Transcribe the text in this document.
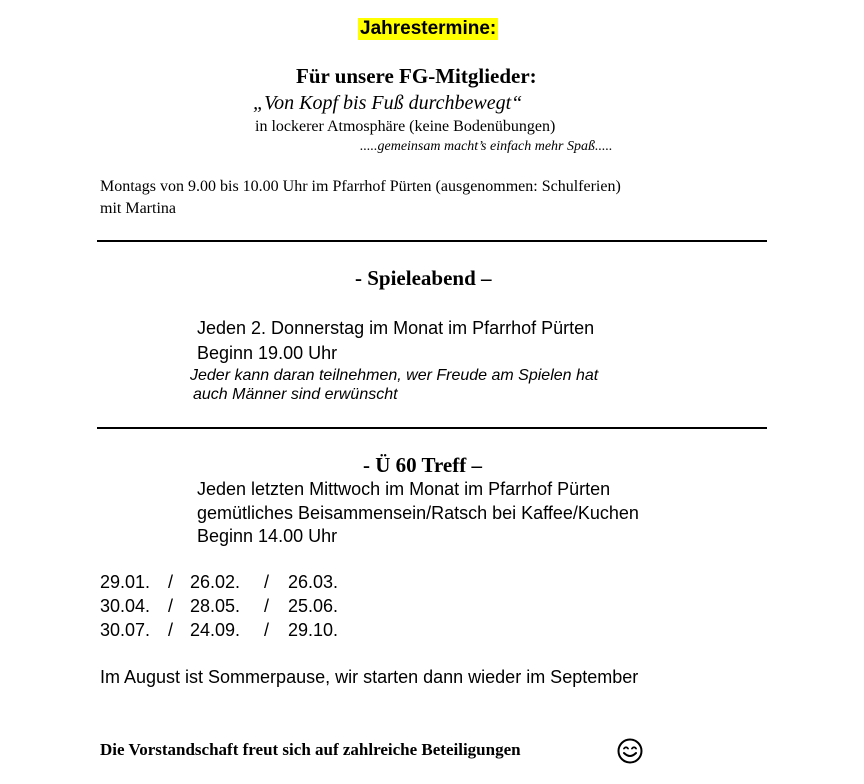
Jahrestermine:
Für unsere FG-Mitglieder:
„Von Kopf bis Fuß durchbewegt“
in lockerer Atmosphäre (keine Bodenübungen)
.....gemeinsam macht’s einfach mehr Spaß.....
Montags von 9.00 bis 10.00 Uhr im Pfarrhof Pürten (ausgenommen: Schulferien)
mit Martina
- Spieleabend –
Jeden 2. Donnerstag im Monat im Pfarrhof Pürten
Beginn 19.00 Uhr
Jeder kann daran teilnehmen, wer Freude am Spielen hat
auch Männer sind erwünscht
- Ü 60 Treff –
Jeden letzten Mittwoch im Monat im Pfarrhof Pürten
gemütliches Beisammensein/Ratsch bei Kaffee/Kuchen
Beginn 14.00 Uhr
29.01. / 26.02. / 26.03.
30.04. / 28.05. / 25.06.
30.07. / 24.09. / 29.10.
Im August ist Sommerpause, wir starten dann wieder im September
Die Vorstandschaft freut sich auf zahlreiche Beteiligungen
